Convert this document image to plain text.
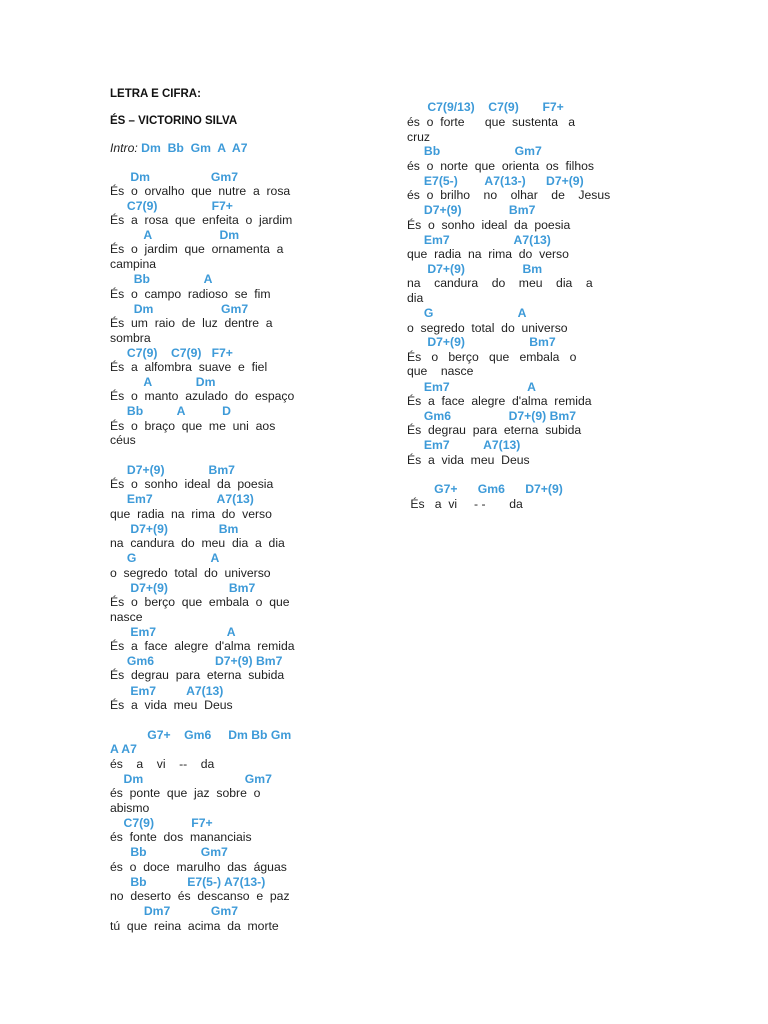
LETRA E CIFRA:
ÉS – VICTORINO SILVA
Intro: Dm  Bb  Gm  A  A7
Dm                  Gm7
És  o  orvalho  que  nutre  a  rosa
C7(9)                F7+
És  a  rosa  que  enfeita  o  jardim
A                    Dm
És  o  jardim  que  ornamenta  a
campina
Bb                A
És  o  campo  radioso  se  fim
Dm                    Gm7
És  um  raio  de  luz  dentre  a
sombra
C7(9)    C7(9)   F7+
És  a  alfombra  suave  e  fiel
A             Dm
És  o  manto  azulado  do  espaço
Bb          A           D
És  o  braço  que  me  uni  aos
céus
D7+(9)             Bm7
És  o  sonho  ideal  da  poesia
Em7                   A7(13)
que  radia  na  rima  do  verso
D7+(9)               Bm
na  candura  do  meu  dia  a  dia
G                      A
o  segredo  total  do  universo
D7+(9)                  Bm7
És  o  berço  que  embala  o  que
nasce
Em7                     A
És  a  face  alegre  d'alma  remida
Gm6                  D7+(9) Bm7
És  degrau  para  eterna  subida
Em7         A7(13)
És  a  vida  meu  Deus
G7+    Gm6     Dm Bb Gm
A A7
és    a    vi    --    da
Dm                              Gm7
és  ponte  que  jaz  sobre  o
abismo
C7(9)           F7+
és  fonte  dos  mananciais
Bb                Gm7
és  o  doce  marulho  das  águas
Bb            E7(5-) A7(13-)
no  deserto  és  descanso  e  paz
Dm7            Gm7
tú  que  reina  acima  da  morte
C7(9/13)    C7(9)       F7+
és  o  forte      que  sustenta   a
cruz
Bb                      Gm7
és  o  norte  que  orienta  os  filhos
E7(5-)        A7(13-)      D7+(9)
és  o  brilho    no    olhar    de    Jesus
D7+(9)              Bm7
És  o  sonho  ideal  da  poesia
Em7                   A7(13)
que  radia  na  rima  do  verso
D7+(9)                 Bm
na    candura    do    meu    dia    a
dia
G                         A
o  segredo  total  do  universo
D7+(9)                   Bm7
És   o   berço   que   embala   o
que    nasce
Em7                       A
És  a  face  alegre  d'alma  remida
Gm6                 D7+(9) Bm7
És  degrau  para  eterna  subida
Em7          A7(13)
És  a  vida  meu  Deus
G7+      Gm6      D7+(9)
És   a  vi     - -       da
